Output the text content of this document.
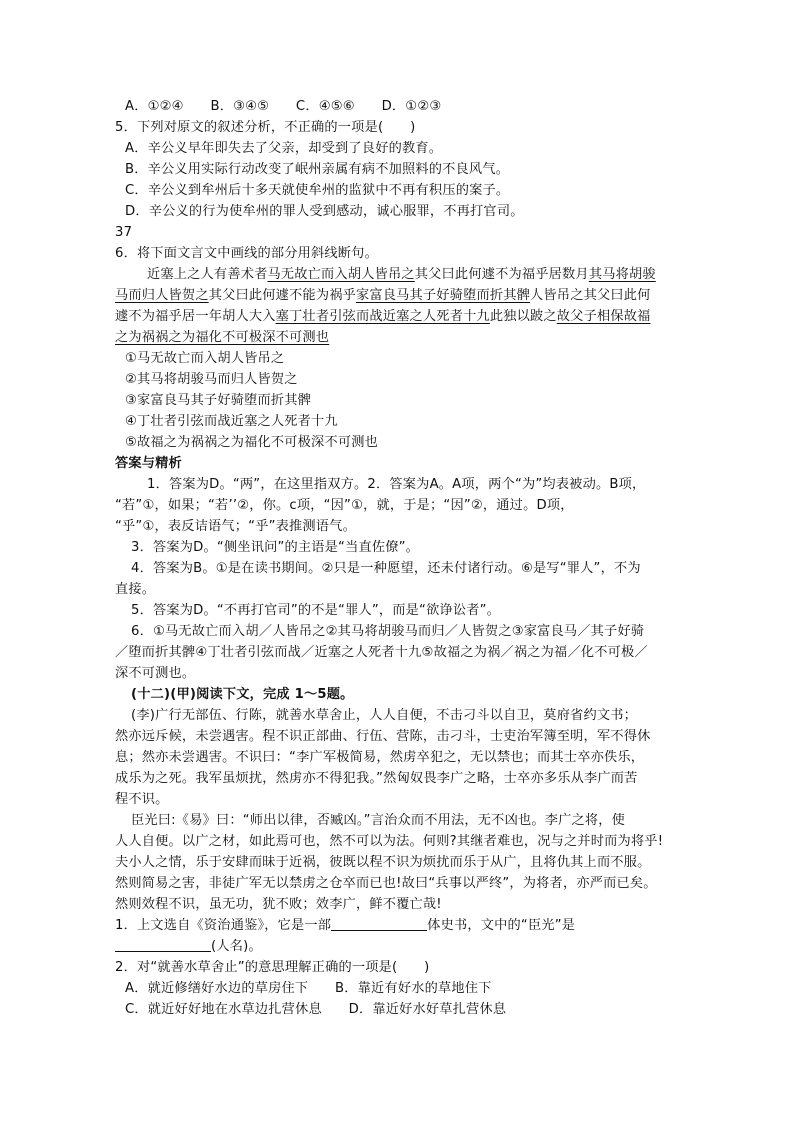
A．①②④　　B．③④⑤　　C．④⑤⑥　　D．①②③
5．下列对原文的叙述分析，不正确的一项是(　　)
A．辛公义早年即失去了父亲，却受到了良好的教育。
B．辛公义用实际行动改变了岷州亲属有病不加照料的不良风气。
C．辛公义到牟州后十多天就使牟州的监狱中不再有积压的案子。
D．辛公义的行为使牟州的罪人受到感动，诚心服罪，不再打官司。
37
6．将下面文言文中画线的部分用斜线断句。
近塞上之人有善术者马无故亡而入胡人皆吊之其父曰此何遽不为福乎居数月其马将胡骏
马而归人皆贺之其父曰此何遽不能为祸乎家富良马其子好骑堕而折其髀人皆吊之其父曰此何
遽不为福乎居一年胡人大入塞丁壮者引弦而战近塞之人死者十九此独以跛之故父子相保故福
之为祸祸之为福化不可极深不可测也
①马无故亡而入胡人皆吊之
②其马将胡骏马而归人皆贺之
③家富良马其子好骑堕而折其髀
④丁壮者引弦而战近塞之人死者十九
⑤故福之为祸祸之为福化不可极深不可测也
答案与精析
1．答案为D。“两”，在这里指双方。2．答案为A。A项，两个“为”均表被动。B项，
“若”①，如果；“若’’②，你。c项，“因”①，就，于是；“因”②，通过。D项，
“乎”①，表反诘语气；“乎”表推测语气。
3．答案为D。“侧坐讯问”的主语是“当直佐僚”。
4．答案为B。①是在读书期间。②只是一种愿望，还未付诸行动。⑥是写“罪人”，不为
直接。
5．答案为D。“不再打官司”的不是“罪人”，而是“欲诤讼者”。
6．①马无故亡而入胡／人皆吊之②其马将胡骏马而归／人皆贺之③家富良马／其子好骑
／堕而折其髀④丁壮者引弦而战／近塞之人死者十九⑤故福之为祸／祸之为福／化不可极／
深不可测也。
(十二)(甲)阅读下文，完成 1～5题。
(李)广行无部伍、行陈，就善水草舍止，人人自便，不击刁斗以自卫，莫府省约文书；
然亦远斥候，未尝遇害。程不识正部曲、行伍、营陈，击刁斗，士吏治军簿至明，军不得休
息；然亦未尝遇害。不识曰：“李广军极简易，然虏卒犯之，无以禁也；而其士卒亦佚乐，
成乐为之死。我军虽烦扰，然虏亦不得犯我。”然匈奴畏李广之略，士卒亦多乐从李广而苦
程不识。
臣光曰:《易》曰：“师出以律，否臧凶。”言治众而不用法，无不凶也。李广之将，使
人人自便。以广之材，如此焉可也，然不可以为法。何则?其继者难也，况与之并时而为将乎!
夫小人之情，乐于安肆而昧于近祸，彼既以程不识为烦扰而乐于从广，且将仇其上而不服。
然则简易之害，非徒广军无以禁虏之仓卒而已也!故曰“兵事以严终”，为将者，亦严而已矣。
然则效程不识，虽无功，犹不败；效李广，鲜不覆亡哉!
1．上文选自《资治通鉴》，它是一部	体史书，文中的“臣光”是
(人名)。
2．对“就善水草舍止”的意思理解正确的一项是(　　)
A．就近修缮好水边的草房住下　　B．靠近有好水的草地住下
C．就近好好地在水草边扎营休息　　D．靠近好水好草扎营休息
